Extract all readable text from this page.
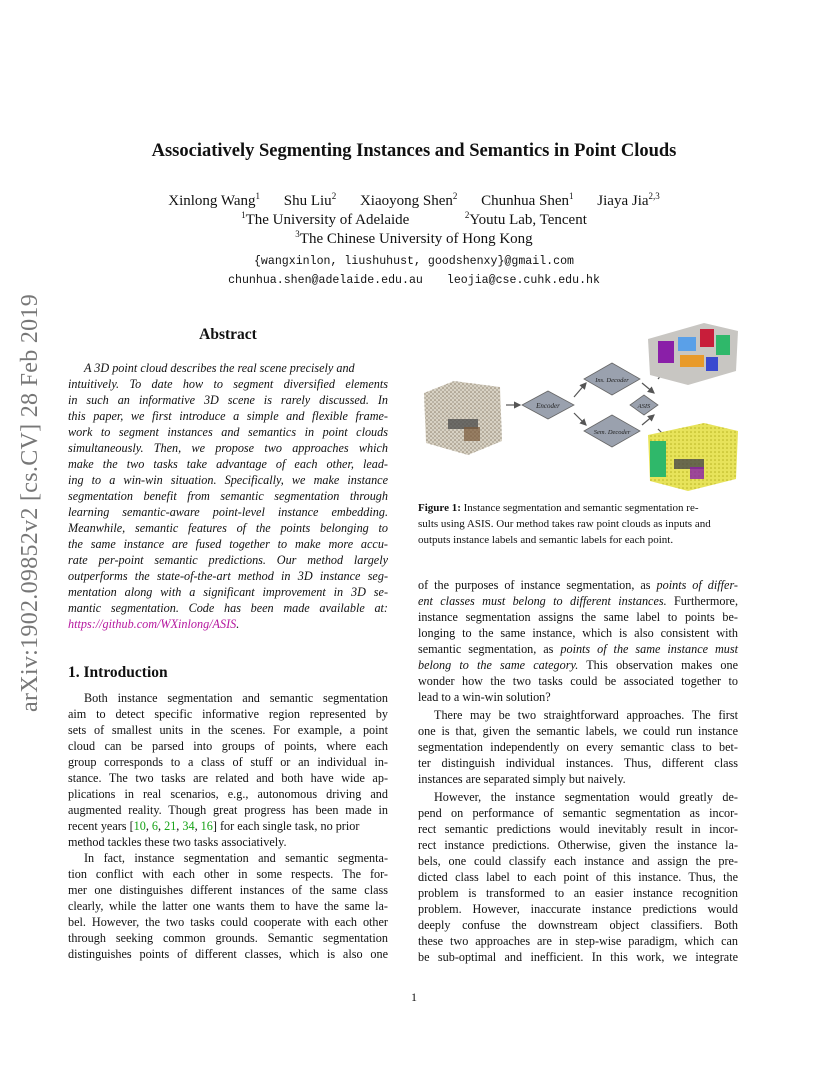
arXiv:1902.09852v2 [cs.CV] 28 Feb 2019
Associatively Segmenting Instances and Semantics in Point Clouds
Xinlong Wang$^1$ Shu Liu$^2$ Xiaoyong Shen$^2$ Chunhua Shen$^1$ Jiaya Jia$^{2,3}$
$^1$The University of Adelaide	$^2$Youtu Lab, Tencent
$^3$The Chinese University of Hong Kong
{wangxinlon, liushuhust, goodshenxy}@gmail.com
chunhua.shen@adelaide.edu.au leojia@cse.cuhk.edu.hk
Abstract
A 3D point cloud describes the real scene precisely and
intuitively. To date how to segment diversified elements
in such an informative 3D scene is rarely discussed. In
this paper, we first introduce a simple and flexible frame-
work to segment instances and semantics in point clouds
simultaneously. Then, we propose two approaches which
make the two tasks take advantage of each other, lead-
ing to a win-win situation. Specifically, we make instance
segmentation benefit from semantic segmentation through
learning semantic-aware point-level instance embedding.
Meanwhile, semantic features of the points belonging to
the same instance are fused together to make more accu-
rate per-point semantic predictions. Our method largely
outperforms the state-of-the-art method in 3D instance seg-
mentation along with a significant improvement in 3D se-
mantic segmentation. Code has been made available at:
https://github.com/WXinlong/ASIS.
1. Introduction
Both instance segmentation and semantic segmentation
aim to detect specific informative region represented by
sets of smallest units in the scenes. For example, a point
cloud can be parsed into groups of points, where each
group corresponds to a class of stuff or an individual in-
stance. The two tasks are related and both have wide ap-
plications in real scenarios, e.g., autonomous driving and
augmented reality. Though great progress has been made in
recent years [10, 6, 21, 34, 16] for each single task, no prior
method tackles these two tasks associatively.
In fact, instance segmentation and semantic segmenta-
tion conflict with each other in some respects. The for-
mer one distinguishes different instances of the same class
clearly, while the latter one wants them to have the same la-
bel. However, the two tasks could cooperate with each other
through seeking common grounds. Semantic segmentation
distinguishes points of different classes, which is also one
Encoder
Ins. Decoder
Sem. Decoder
ASIS
Figure 1: Instance segmentation and semantic segmentation re-
sults using ASIS. Our method takes raw point clouds as inputs and
outputs instance labels and semantic labels for each point.
of the purposes of instance segmentation, as points of differ-
ent classes must belong to different instances. Furthermore,
instance segmentation assigns the same label to points be-
longing to the same instance, which is also consistent with
semantic segmentation, as points of the same instance must
belong to the same category. This observation makes one
wonder how the two tasks could be associated together to
lead to a win-win solution?
There may be two straightforward approaches. The first
one is that, given the semantic labels, we could run instance
segmentation independently on every semantic class to bet-
ter distinguish individual instances. Thus, different class
instances are separated simply but naively.
However, the instance segmentation would greatly de-
pend on performance of semantic segmentation as incor-
rect semantic predictions would inevitably result in incor-
rect instance predictions. Otherwise, given the instance la-
bels, one could classify each instance and assign the pre-
dicted class label to each point of this instance. Thus, the
problem is transformed to an easier instance recognition
problem. However, inaccurate instance predictions would
deeply confuse the downstream object classifiers. Both
these two approaches are in step-wise paradigm, which can
be sub-optimal and inefficient. In this work, we integrate
1
